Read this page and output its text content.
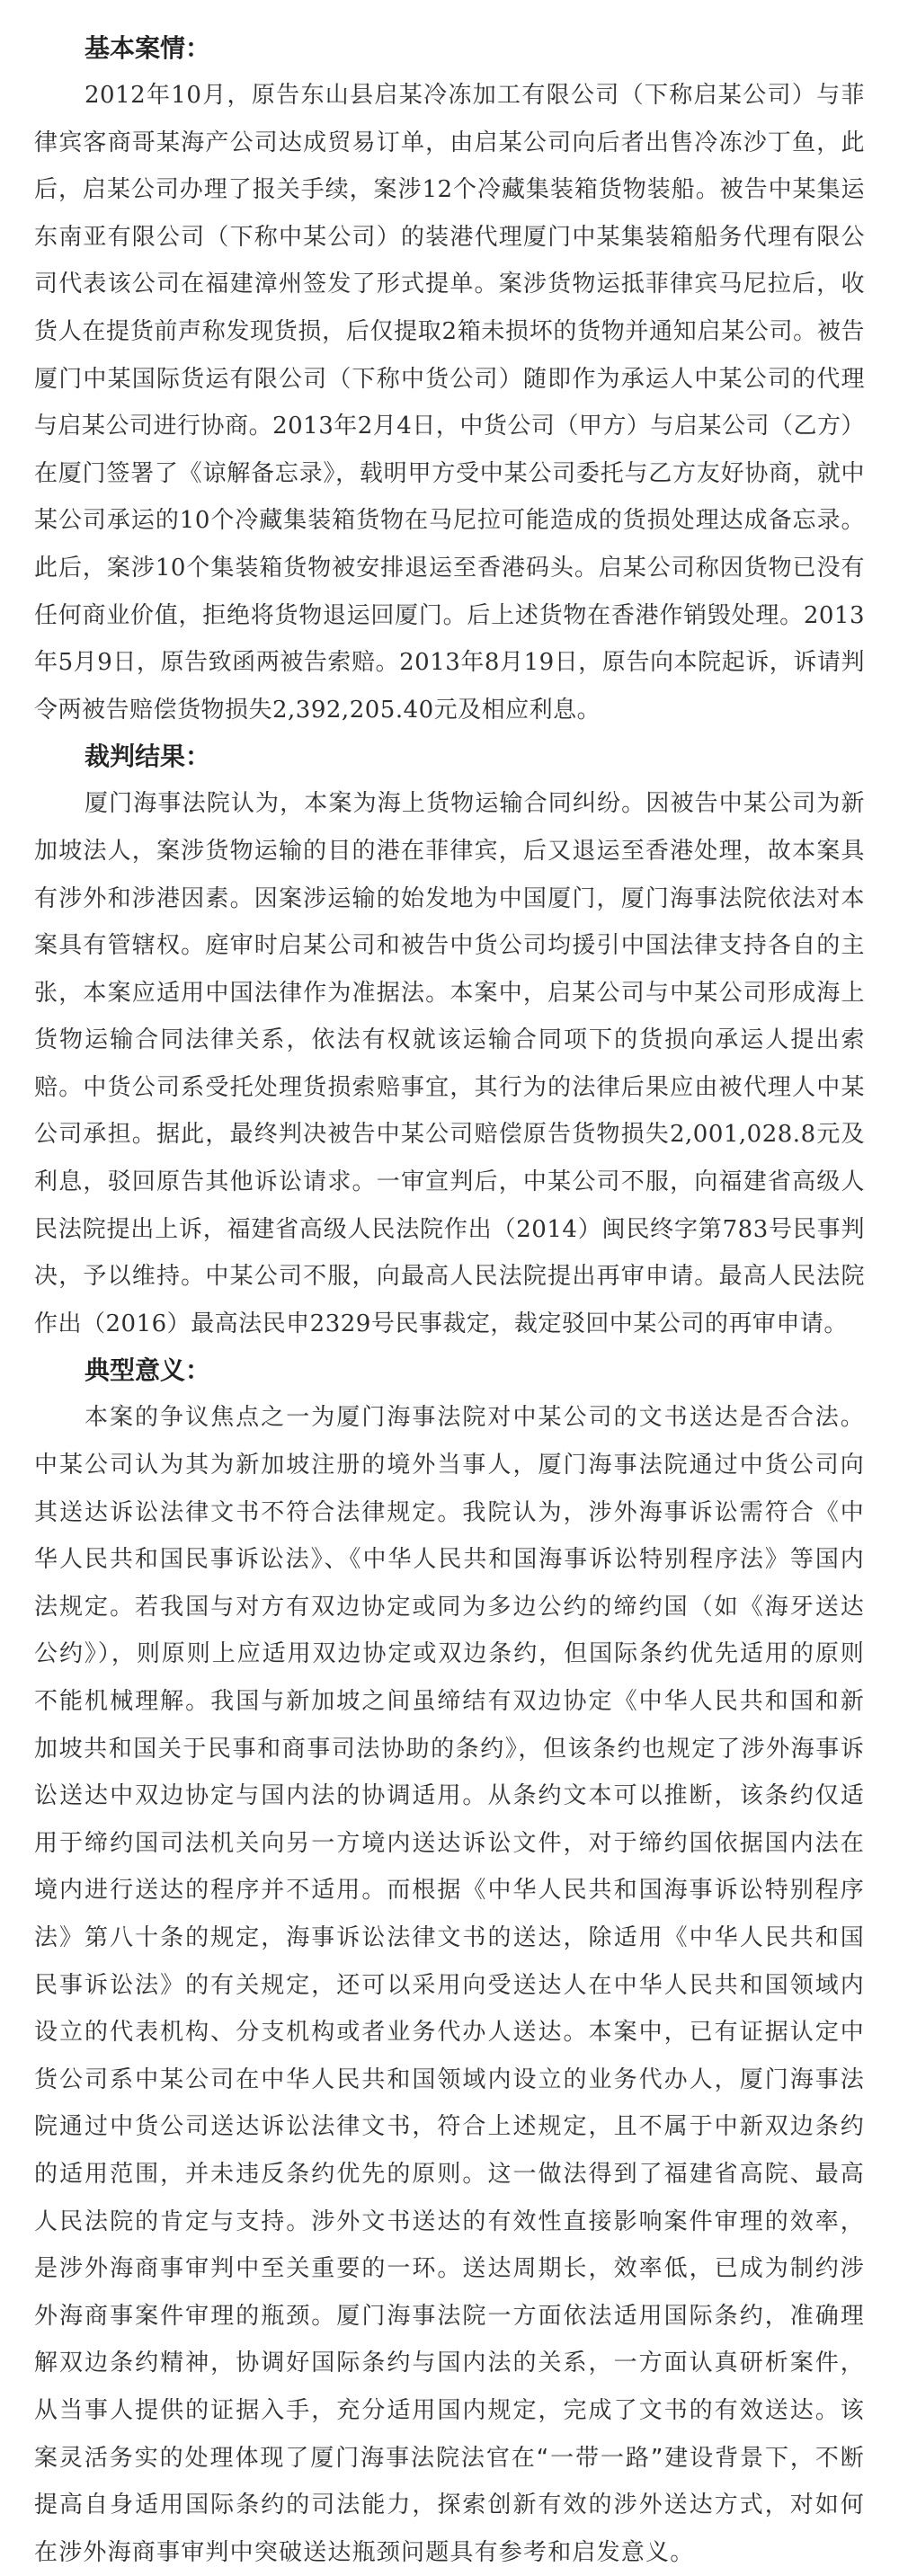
基本案情：

2012年10月，原告东山县启某冷冻加工有限公司（下称启某公司）与菲律宾客商哥某海产公司达成贸易订单，由启某公司向后者出售冷冻沙丁鱼，此后，启某公司办理了报关手续，案涉12个冷藏集装箱货物装船。被告中某集运东南亚有限公司（下称中某公司）的装港代理厦门中某集装箱船务代理有限公司代表该公司在福建漳州签发了形式提单。案涉货物运抵菲律宾马尼拉后，收货人在提货前声称发现货损，后仅提取2箱未损坏的货物并通知启某公司。被告厦门中某国际货运有限公司（下称中货公司）随即作为承运人中某公司的代理与启某公司进行协商。2013年2月4日，中货公司（甲方）与启某公司（乙方）在厦门签署了《谅解备忘录》，载明甲方受中某公司委托与乙方友好协商，就中某公司承运的10个冷藏集装箱货物在马尼拉可能造成的货损处理达成备忘录。此后，案涉10个集装箱货物被安排退运至香港码头。启某公司称因货物已没有任何商业价值，拒绝将货物退运回厦门。后上述货物在香港作销毁处理。2013年5月9日，原告致函两被告索赔。2013年8月19日，原告向本院起诉，诉请判令两被告赔偿货物损失2,392,205.40元及相应利息。

裁判结果：

厦门海事法院认为，本案为海上货物运输合同纠纷。因被告中某公司为新加坡法人，案涉货物运输的目的港在菲律宾，后又退运至香港处理，故本案具有涉外和涉港因素。因案涉运输的始发地为中国厦门，厦门海事法院依法对本案具有管辖权。庭审时启某公司和被告中货公司均援引中国法律支持各自的主张，本案应适用中国法律作为准据法。本案中，启某公司与中某公司形成海上货物运输合同法律关系，依法有权就该运输合同项下的货损向承运人提出索赔。中货公司系受托处理货损索赔事宜，其行为的法律后果应由被代理人中某公司承担。据此，最终判决被告中某公司赔偿原告货物损失2,001,028.8元及利息，驳回原告其他诉讼请求。一审宣判后，中某公司不服，向福建省高级人民法院提出上诉，福建省高级人民法院作出（2014）闽民终字第783号民事判决，予以维持。中某公司不服，向最高人民法院提出再审申请。最高人民法院作出（2016）最高法民申2329号民事裁定，裁定驳回中某公司的再审申请。

典型意义：

本案的争议焦点之一为厦门海事法院对中某公司的文书送达是否合法。中某公司认为其为新加坡注册的境外当事人，厦门海事法院通过中货公司向其送达诉讼法律文书不符合法律规定。我院认为，涉外海事诉讼需符合《中华人民共和国民事诉讼法》、《中华人民共和国海事诉讼特别程序法》等国内法规定。若我国与对方有双边协定或同为多边公约的缔约国（如《海牙送达公约》），则原则上应适用双边协定或双边条约，但国际条约优先适用的原则不能机械理解。我国与新加坡之间虽缔结有双边协定《中华人民共和国和新加坡共和国关于民事和商事司法协助的条约》，但该条约也规定了涉外海事诉讼送达中双边协定与国内法的协调适用。从条约文本可以推断，该条约仅适用于缔约国司法机关向另一方境内送达诉讼文件，对于缔约国依据国内法在境内进行送达的程序并不适用。而根据《中华人民共和国海事诉讼特别程序法》第八十条的规定，海事诉讼法律文书的送达，除适用《中华人民共和国民事诉讼法》的有关规定，还可以采用向受送达人在中华人民共和国领域内设立的代表机构、分支机构或者业务代办人送达。本案中，已有证据认定中货公司系中某公司在中华人民共和国领域内设立的业务代办人，厦门海事法院通过中货公司送达诉讼法律文书，符合上述规定，且不属于中新双边条约的适用范围，并未违反条约优先的原则。这一做法得到了福建省高院、最高人民法院的肯定与支持。涉外文书送达的有效性直接影响案件审理的效率，是涉外海商事审判中至关重要的一环。送达周期长，效率低，已成为制约涉外海商事案件审理的瓶颈。厦门海事法院一方面依法适用国际条约，准确理解双边条约精神，协调好国际条约与国内法的关系，一方面认真研析案件，从当事人提供的证据入手，充分适用国内规定，完成了文书的有效送达。该案灵活务实的处理体现了厦门海事法院法官在“一带一路”建设背景下，不断提高自身适用国际条约的司法能力，探索创新有效的涉外送达方式，对如何在涉外海商事审判中突破送达瓶颈问题具有参考和启发意义。
